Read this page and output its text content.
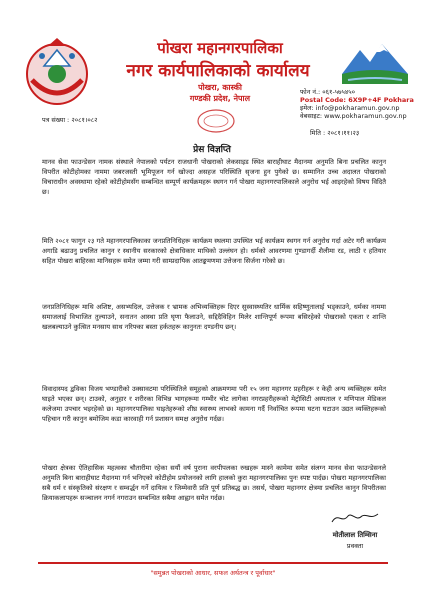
पोखरा महानगरपालिका
नगर कार्यपालिकाको कार्यालय
पोखरा, कास्की
गण्डकी प्रदेश, नेपाल
फोन नं.: ०६१-५७५४५०
Postal Code: 6X9P+4F Pokhara
इमेल: info@pokharamun.gov.np
वेबसाइट: www.pokharamun.gov.np
पत्र संख्या : २०८१।०८२
मिति : २०८१।११।२३
प्रेस विज्ञप्ति

मानव सेवा फाउन्डेसन नामक संस्थाले नेपालको पर्यटन राजधानी पोखराको लेकसाइड स्थित बाराहीघाट मैदानमा अनुमति बिना प्रचलित कानुन विपरीत कोटीहोमका नाममा जबरजस्ती भूमिपूजन गर्न खोज्दा असहज परिस्थिति सृजना हुन पुगेको छ। सम्मानित उच्च अदालत पोखराको विचाराधीन अवस्थामा रहेको कोटीहोमसँग सम्बन्धित सम्पूर्ण कार्यक्रमहरू स्थगन गर्न पोखरा महानगरपालिकाले अनुरोध भई आइरहेको विषय विदितै छ।

मिति २०८१ फागुन २३ गते महानगरपालिकाका जनप्रतिनिधिहरू कार्यक्रम स्थलमा उपस्थित भई कार्यक्रम स्थगन गर्न अनुरोध गर्दा अटेर गरी कार्यक्रम अगाडि बढाउनु प्रचलित कानुन र स्थानीय सरकारको क्षेत्राधिकार माथिको उल्लंघन हो। धर्मको आवरणमा गुण्डागर्दी शैलीमा रड, लाठी र हतियार सहित पोखरा बाहिरका मानिसहरू समेत जम्मा गरी साम्प्रदायिक आतङ्कमणमा उत्तेजना सिर्जना गरेको छ।

जनप्रतिनिधिहरू माथि अशिष्ट, असभ्यदिल, उत्तेजक र भ्रामक अभिव्यक्तिहरू दिएर सुस्वास्थ्यतिर धार्मिक सहिष्णुतालाई भड्काउने, धर्मका नाममा समाजलाई विभाजित तुल्याउने, सनातन आस्था प्रति घृणा फैलाउने, सद्दिदैविहिन मिलेर शान्तिपूर्ण रूपमा बसिरहेको पोखराको एकता र शान्ति खलबल्याउने कुत्सित मनसाय साथ नरिफ्का बस्ता हर्कतहरू कानुनतः दण्डनीय छन्।

विवादास्पद द्वविका विजय भण्डारीको उक्सावटमा परिस्थितिले समूहको आक्रमणमा परी १५ जना महानगर प्रहरीहरू र केही अन्य व्यक्तिहरू समेत घाइते भएका छन्। टाउको, अनुहार र शरीरका विभिन्न भागहरूमा गम्भीर चोट लागेका नगरप्रहरीहरूको मेट्रोसिटी अस्पताल र मणिपाल मेडिकल कलेजमा उपचार भइरहेको छ। महानगरपालिका घाइतेहरूको शीघ्र स्वास्थ्य लाभको कामना गर्दै निर्वाचित रूपमा घटना घटाउन उद्यत व्यक्तिहरूको पहिचान गरी कानुन बमोजिम कडा कारवाही गर्न प्रशासन समक्ष अनुरोध गर्दछ।

पोखरा क्षेत्रका ऐतिहासिक महत्वका चौतारीमा रहेका सयौं वर्ष पुराना वरपीपलका रुखहरू मास्ने कामेमा समेत संलग्न मानव सेवा फाउन्डेसनले अनुमति बिना बाराहीघाट मैदानमा गर्न भनिएको कोटीहोम प्रयोजनको लागि हालको कुरा महानगरपालिका पुनः स्पष्ट पार्दछ। पोखरा महानगरपालिका सबै धर्म र संस्कृतिको संरक्षण र सम्वर्द्धन गर्ने दायित्व र जिम्मेवारी प्रति पूर्ण प्रतिबद्ध छ। तसर्थ, पोखरा महानगर क्षेत्रमा प्रचलित कानुन विपरीतका क्रियाकलापहरू सञ्चालन नगर्न नगराउन सम्बन्धित सबैमा आह्वान समेत गर्दछ।

मोतीलाल तिम्सिना
प्रवक्ता
"समुन्नत पोखराको आधार, सफल अर्थतन्त्र र पूर्वाधार"
